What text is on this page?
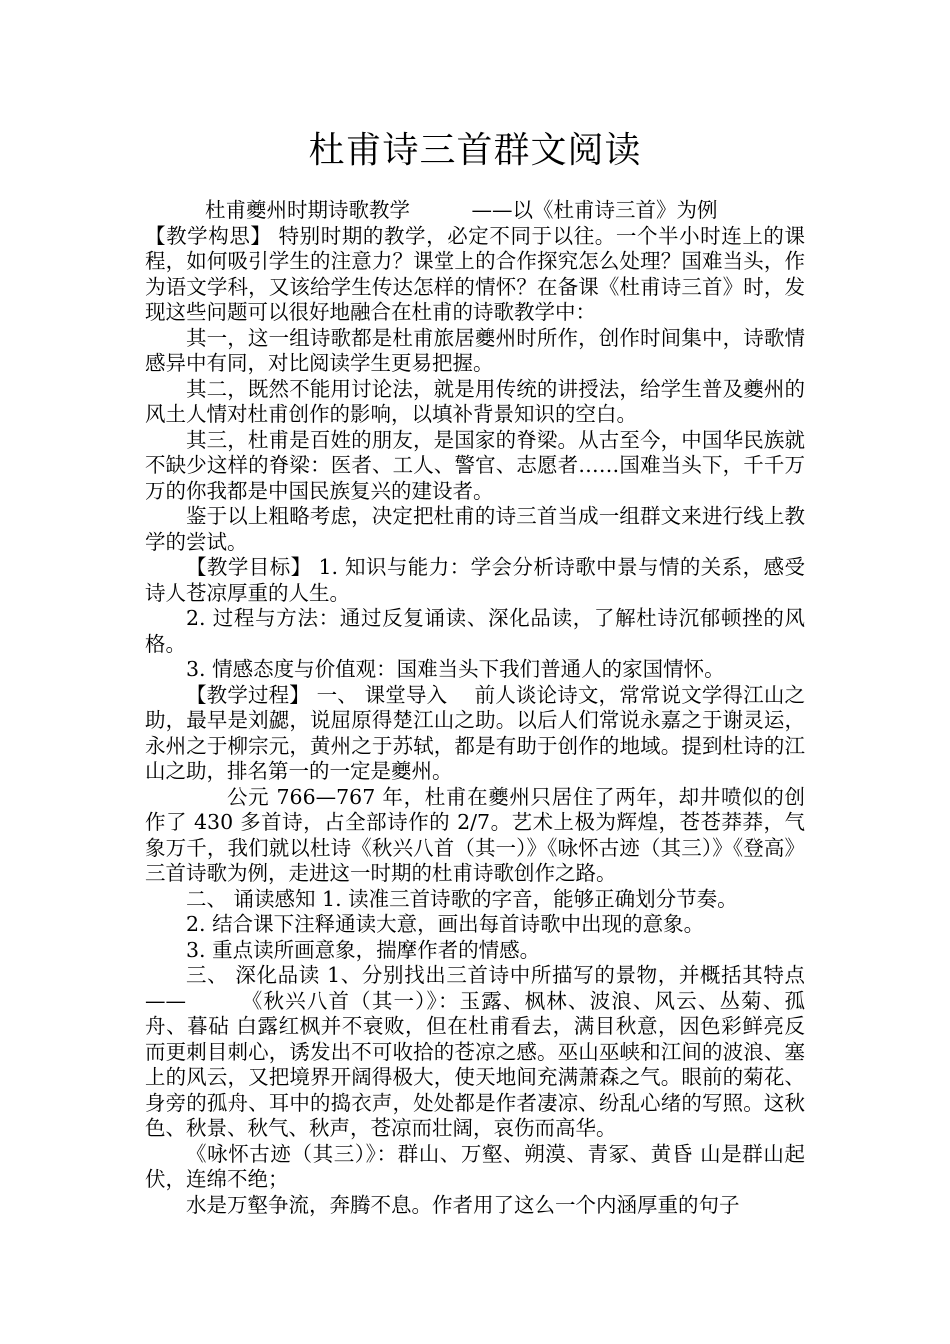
杜甫诗三首群文阅读

杜甫夔州时期诗歌教学　　　——以《杜甫诗三首》为例

【教学构思】 特别时期的教学，必定不同于以往。一个半小时连上的课程，如何吸引学生的注意力？课堂上的合作探究怎么处理？国难当头，作为语文学科，又该给学生传达怎样的情怀？在备课《杜甫诗三首》时，发现这些问题可以很好地融合在杜甫的诗歌教学中：

其一，这一组诗歌都是杜甫旅居夔州时所作，创作时间集中，诗歌情感异中有同，对比阅读学生更易把握。

其二，既然不能用讨论法，就是用传统的讲授法，给学生普及夔州的风土人情对杜甫创作的影响，以填补背景知识的空白。

其三，杜甫是百姓的朋友，是国家的脊梁。从古至今，中国华民族就不缺少这样的脊梁：医者、工人、警官、志愿者……国难当头下，千千万万的你我都是中国民族复兴的建设者。

鉴于以上粗略考虑，决定把杜甫的诗三首当成一组群文来进行线上教学的尝试。

【教学目标】 1. 知识与能力：学会分析诗歌中景与情的关系，感受诗人苍凉厚重的人生。

2. 过程与方法：通过反复诵读、深化品读，了解杜诗沉郁顿挫的风格。

3. 情感态度与价值观：国难当头下我们普通人的家国情怀。

【教学过程】 一、 课堂导入　 前人谈论诗文，常常说文学得江山之助，最早是刘勰，说屈原得楚江山之助。以后人们常说永嘉之于谢灵运，永州之于柳宗元，黄州之于苏轼，都是有助于创作的地域。提到杜诗的江山之助，排名第一的一定是夔州。

公元 766—767 年，杜甫在夔州只居住了两年，却井喷似的创作了 430 多首诗，占全部诗作的 2/7。艺术上极为辉煌，苍苍莽莽，气象万千，我们就以杜诗《秋兴八首（其一）》《咏怀古迹（其三）》《登高》三首诗歌为例，走进这一时期的杜甫诗歌创作之路。

二、 诵读感知 1. 读准三首诗歌的字音，能够正确划分节奏。

2. 结合课下注释通读大意，画出每首诗歌中出现的意象。

3. 重点读所画意象，揣摩作者的情感。

三、 深化品读 1、分别找出三首诗中所描写的景物，并概括其特点 ——　　　《秋兴八首（其一）》：玉露、枫林、波浪、风云、丛菊、孤舟、暮砧 白露红枫并不衰败，但在杜甫看去，满目秋意，因色彩鲜亮反而更刺目刺心，诱发出不可收拾的苍凉之感。巫山巫峡和江间的波浪、塞上的风云，又把境界开阔得极大，使天地间充满萧森之气。眼前的菊花、身旁的孤舟、耳中的捣衣声，处处都是作者凄凉、纷乱心绪的写照。这秋色、秋景、秋气、秋声，苍凉而壮阔，哀伤而高华。

《咏怀古迹（其三）》：群山、万壑、朔漠、青冢、黄昏 山是群山起伏，连绵不绝；

水是万壑争流，奔腾不息。作者用了这么一个内涵厚重的句子
